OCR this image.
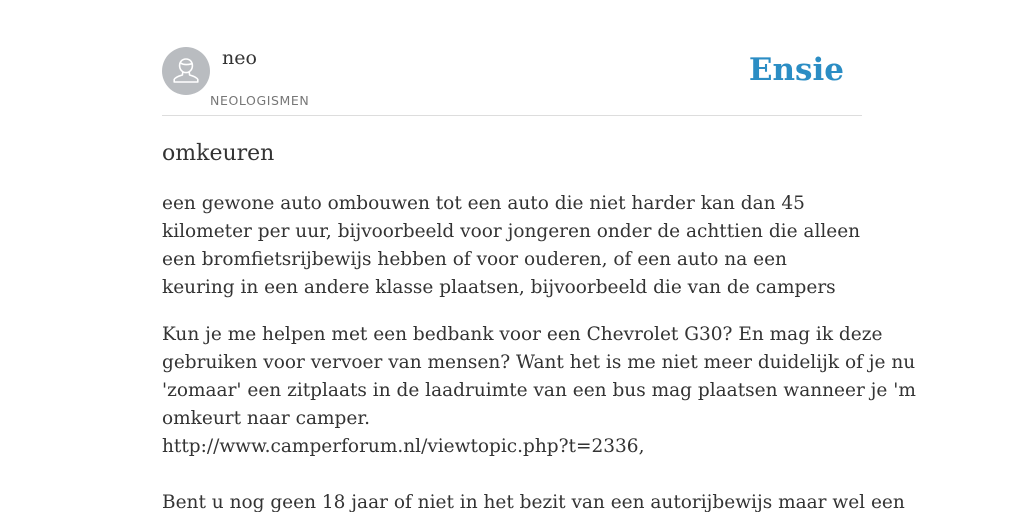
neo
NEOLOGISMEN
Ensie
omkeuren

een gewone auto ombouwen tot een auto die niet harder kan dan 45 kilometer per uur, bijvoorbeeld voor jongeren onder de achttien die alleen een bromfietsrijbewijs hebben of voor ouderen, of een auto na een keuring in een andere klasse plaatsen, bijvoorbeeld die van de campers

Kun je me helpen met een bedbank voor een Chevrolet G30? En mag ik deze
gebruiken voor vervoer van mensen? Want het is me niet meer duidelijk of je nu
'zomaar' een zitplaats in de laadruimte van een bus mag plaatsen wanneer je 'm
omkeurt naar camper.
http://www.camperforum.nl/viewtopic.php?t=2336,
Bent u nog geen 18 jaar of niet in het bezit van een autorijbewijs maar wel een
